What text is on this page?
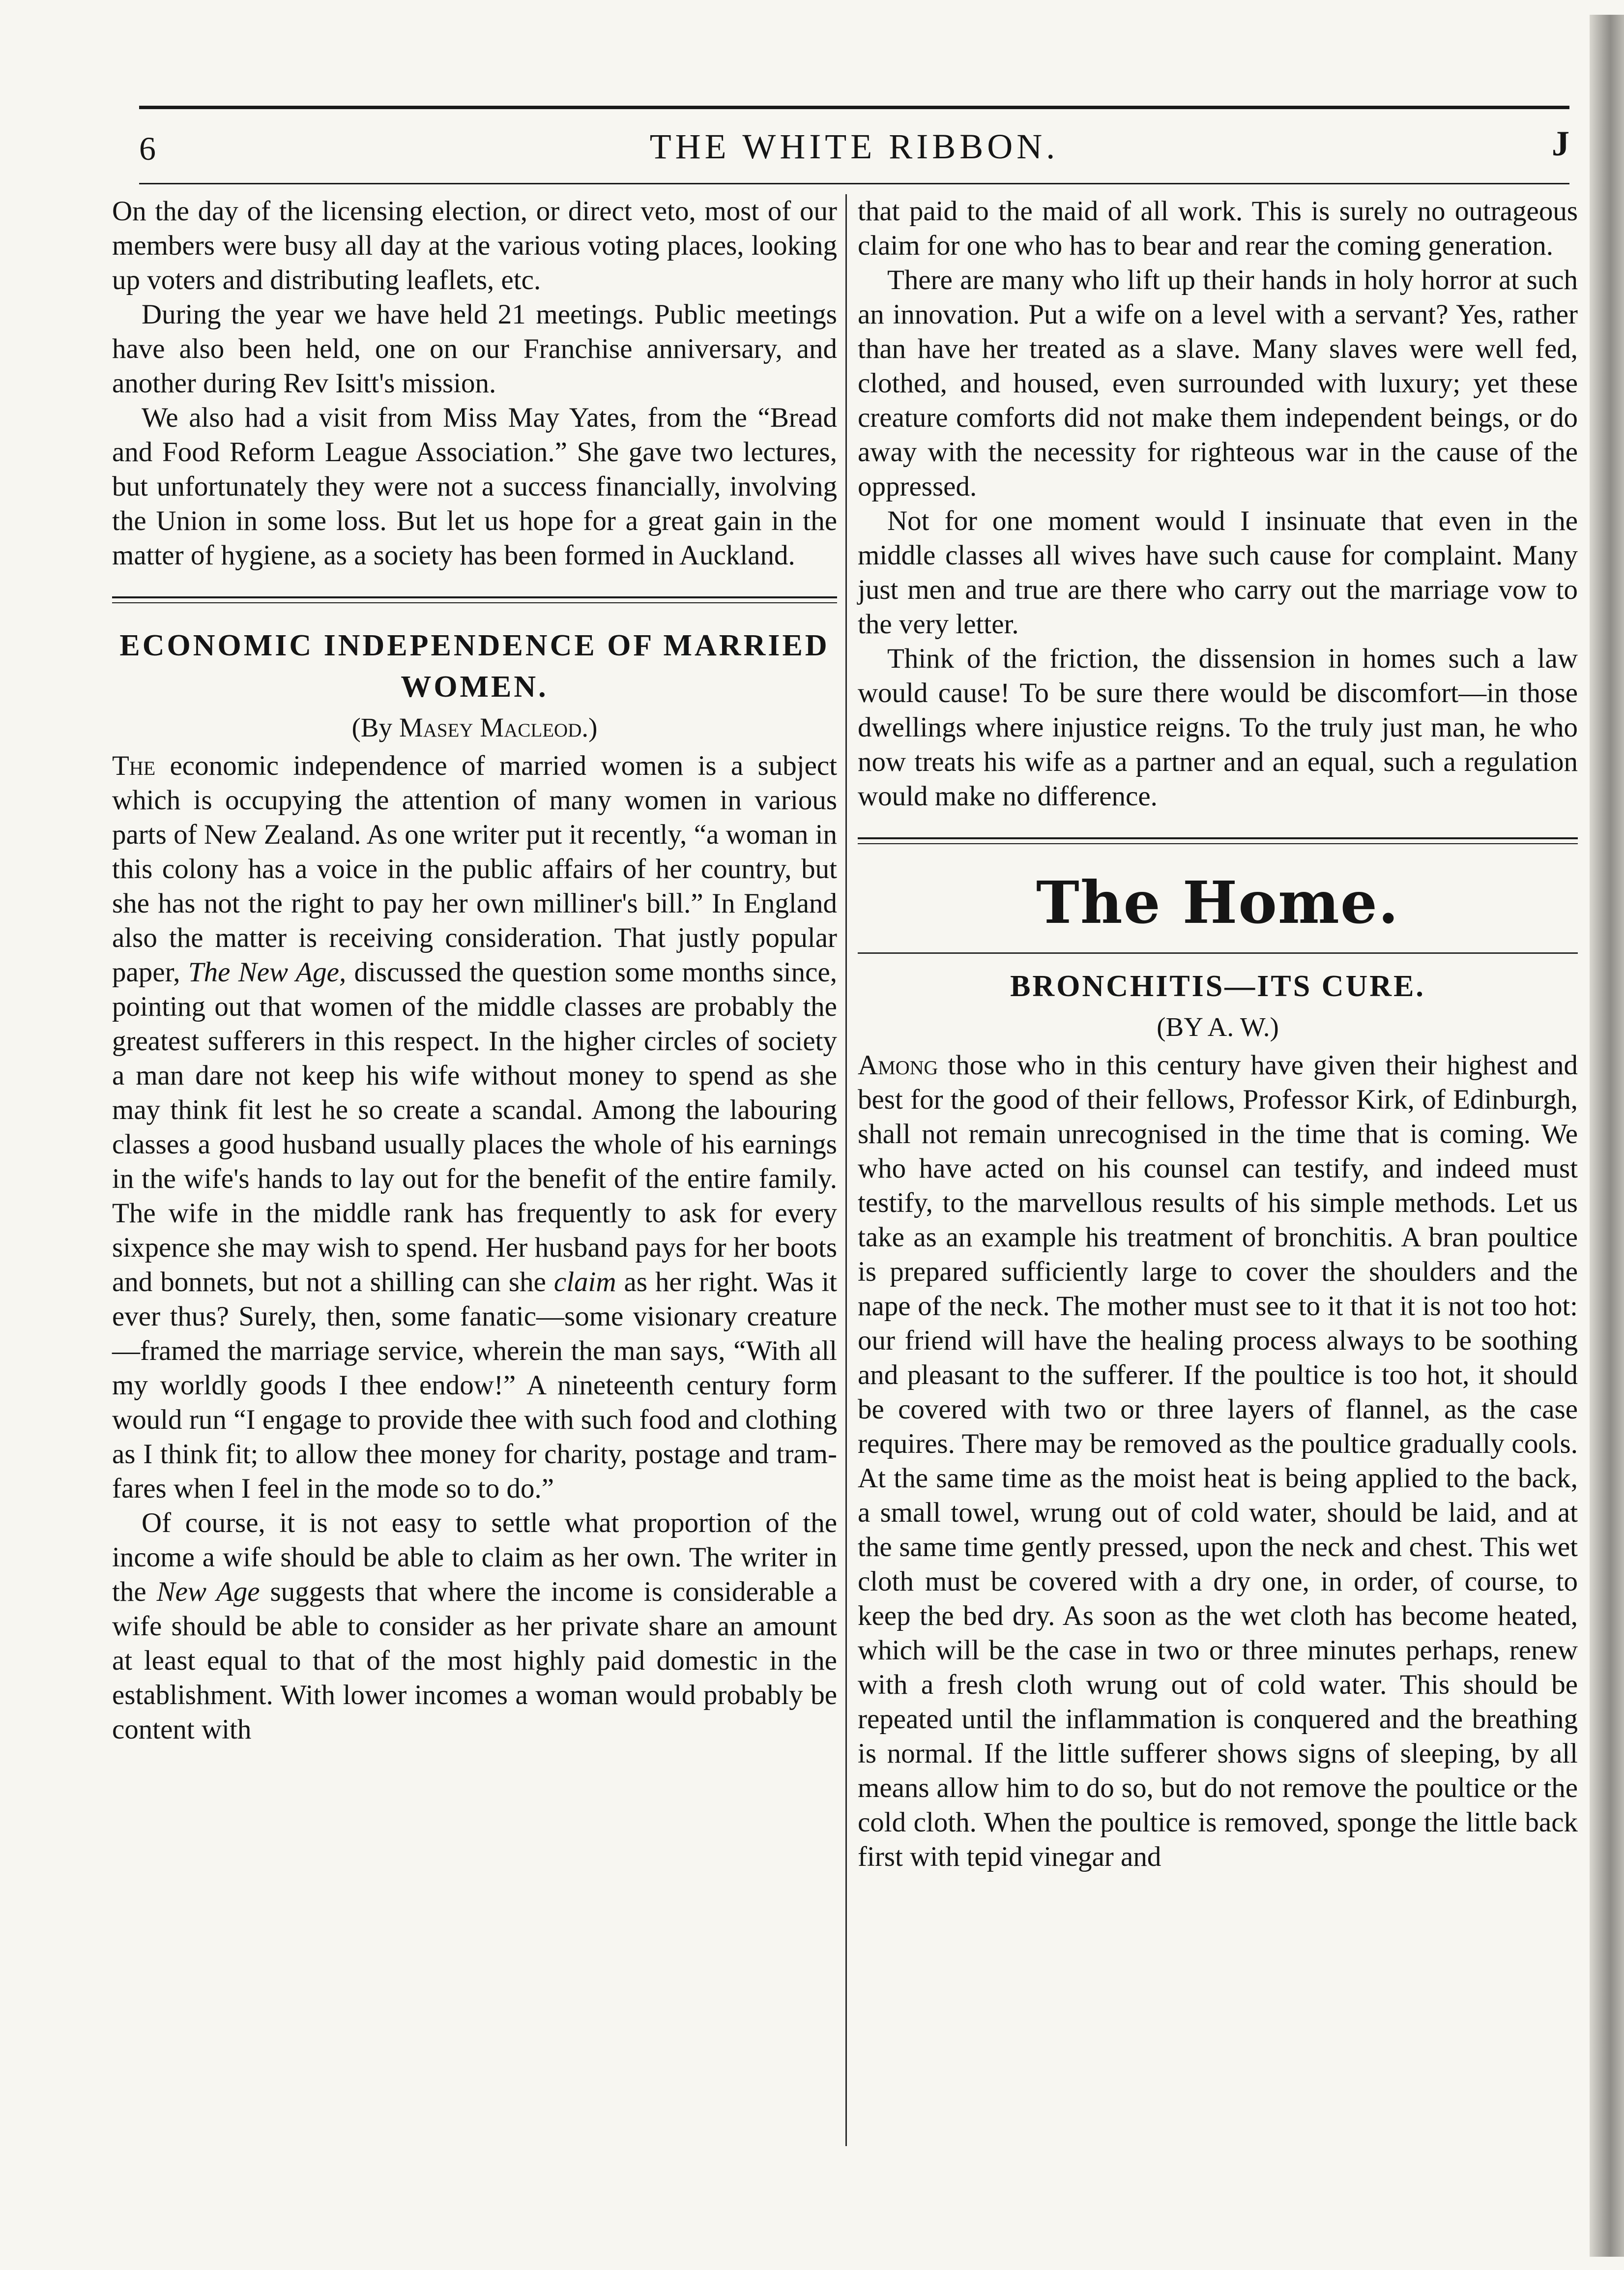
6	THE WHITE RIBBON.	J

On the day of the licensing election, or direct veto, most of our members were busy all day at the various voting places, looking up voters and distributing leaflets, etc.

During the year we have held 21 meetings. Public meetings have also been held, one on our Franchise anniversary, and another during Rev Isitt's mission.

We also had a visit from Miss May Yates, from the “Bread and Food Reform League Association.” She gave two lectures, but unfortunately they were not a success financially, involving the Union in some loss. But let us hope for a great gain in the matter of hygiene, as a society has been formed in Auckland.

ECONOMIC INDEPENDENCE OF MARRIED WOMEN.
(By Masey Macleod.)

The economic independence of married women is a subject which is occupying the attention of many women in various parts of New Zealand. As one writer put it recently, “a woman in this colony has a voice in the public affairs of her country, but she has not the right to pay her own milliner's bill.” In England also the matter is receiving consideration. That justly popular paper, The New Age, discussed the question some months since, pointing out that women of the middle classes are probably the greatest sufferers in this respect. In the higher circles of society a man dare not keep his wife without money to spend as she may think fit lest he so create a scandal. Among the labouring classes a good husband usually places the whole of his earnings in the wife's hands to lay out for the benefit of the entire family. The wife in the middle rank has frequently to ask for every sixpence she may wish to spend. Her husband pays for her boots and bonnets, but not a shilling can she claim as her right. Was it ever thus? Surely, then, some fanatic—some visionary creature—framed the marriage service, wherein the man says, “With all my worldly goods I thee endow!” A nineteenth century form would run “I engage to provide thee with such food and clothing as I think fit; to allow thee money for charity, postage and tram-fares when I feel in the mode so to do.”

Of course, it is not easy to settle what proportion of the income a wife should be able to claim as her own. The writer in the New Age suggests that where the income is considerable a wife should be able to consider as her private share an amount at least equal to that of the most highly paid domestic in the establishment. With lower incomes a woman would probably be content with

that paid to the maid of all work. This is surely no outrageous claim for one who has to bear and rear the coming generation.

There are many who lift up their hands in holy horror at such an innovation. Put a wife on a level with a servant? Yes, rather than have her treated as a slave. Many slaves were well fed, clothed, and housed, even surrounded with luxury; yet these creature comforts did not make them independent beings, or do away with the necessity for righteous war in the cause of the oppressed.

Not for one moment would I insinuate that even in the middle classes all wives have such cause for complaint. Many just men and true are there who carry out the marriage vow to the very letter.

Think of the friction, the dissension in homes such a law would cause! To be sure there would be discomfort—in those dwellings where injustice reigns. To the truly just man, he who now treats his wife as a partner and an equal, such a regulation would make no difference.

The Home.
BRONCHITIS—ITS CURE.
(BY A. W.)

Among those who in this century have given their highest and best for the good of their fellows, Professor Kirk, of Edinburgh, shall not remain unrecognised in the time that is coming. We who have acted on his counsel can testify, and indeed must testify, to the marvellous results of his simple methods. Let us take as an example his treatment of bronchitis. A bran poultice is prepared sufficiently large to cover the shoulders and the nape of the neck. The mother must see to it that it is not too hot: our friend will have the healing process always to be soothing and pleasant to the sufferer. If the poultice is too hot, it should be covered with two or three layers of flannel, as the case requires. There may be removed as the poultice gradually cools. At the same time as the moist heat is being applied to the back, a small towel, wrung out of cold water, should be laid, and at the same time gently pressed, upon the neck and chest. This wet cloth must be covered with a dry one, in order, of course, to keep the bed dry. As soon as the wet cloth has become heated, which will be the case in two or three minutes perhaps, renew with a fresh cloth wrung out of cold water. This should be repeated until the inflammation is conquered and the breathing is normal. If the little sufferer shows signs of sleeping, by all means allow him to do so, but do not remove the poultice or the cold cloth. When the poultice is removed, sponge the little back first with tepid vinegar and
